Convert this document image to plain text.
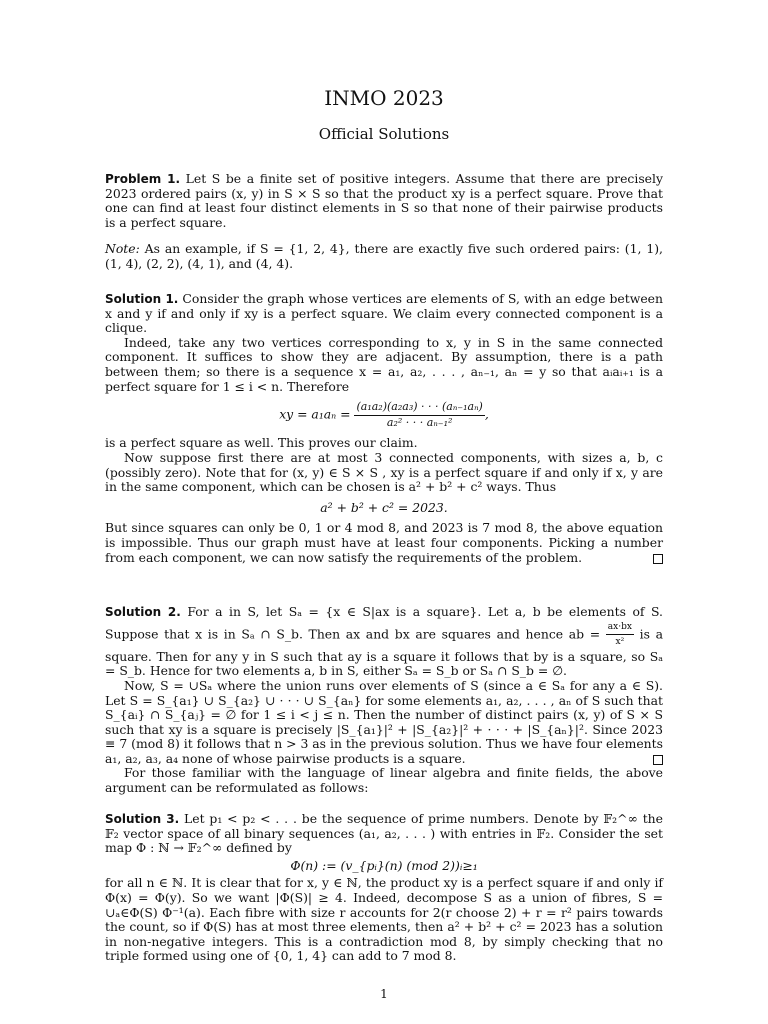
INMO 2023
Official Solutions

Problem 1. Let S be a finite set of positive integers. Assume that there are precisely 2023 ordered pairs (x, y) in S × S so that the product xy is a perfect square. Prove that one can find at least four distinct elements in S so that none of their pairwise products is a perfect square.

Note: As an example, if S = {1, 2, 4}, there are exactly five such ordered pairs: (1, 1), (1, 4), (2, 2), (4, 1), and (4, 4).

Solution 1. Consider the graph whose vertices are elements of S, with an edge between x and y if and only if xy is a perfect square. We claim every connected component is a clique.

Indeed, take any two vertices corresponding to x, y in S in the same connected component. It suffices to show they are adjacent. By assumption, there is a path between them; so there is a sequence x = a₁, a₂, . . . , aₙ₋₁, aₙ = y so that aᵢaᵢ₊₁ is a perfect square for 1 ≤ i < n. Therefore

xy = $a_1a_n = \frac{\text{(a₁a₂)(a₂a₃) · · · (aₙ₋₁aₙ)}}{\text{a₂² · · · aₙ₋₁²}}$ ,

is a perfect square as well. This proves our claim.

Now suppose first there are at most 3 connected components, with sizes a, b, c (possibly zero). Note that for (x, y) ∈ S × S , xy is a perfect square if and only if x, y are in the same component, which can be chosen is a² + b² + c² ways. Thus

a² + b² + c² = 2023.

But since squares can only be 0, 1 or 4 mod 8, and 2023 is 7 mod 8, the above equation is impossible. Thus our graph must have at least four components. Picking a number from each component, we can now satisfy the requirements of the problem.

Solution 2. For a in S, let Sₐ = {x ∈ S|ax is a square}. Let a, b be elements of S. Suppose that x is in Sₐ ∩ S_b. Then ax and bx are squares and hence ab = $\frac{ax\cdot bx}{\text{x²}}$ is a square. Then for any y in S such that ay is a square it follows that by is a square, so Sₐ = S_b. Hence for two elements a, b in S, either Sₐ = S_b or Sₐ ∩ S_b = ∅.

Now, S = ∪Sₐ where the union runs over elements of S (since a ∈ Sₐ for any a ∈ S). Let S = S_{a₁} ∪ S_{a₂} ∪ · · · ∪ S_{aₙ} for some elements a₁, a₂, . . . , aₙ of S such that S_{aᵢ} ∩ S_{aⱼ} = ∅ for 1 ≤ i < j ≤ n. Then the number of distinct pairs (x, y) of S × S such that xy is a square is precisely |S_{a₁}|² + |S_{a₂}|² + · · · + |S_{aₙ}|². Since 2023 ≡ 7 (mod 8) it follows that n > 3 as in the previous solution. Thus we have four elements a₁, a₂, a₃, a₄ none of whose pairwise products is a square.

For those familiar with the language of linear algebra and finite fields, the above argument can be reformulated as follows:

Solution 3. Let p₁ < p₂ < . . . be the sequence of prime numbers. Denote by 𝔽₂^∞ the 𝔽₂ vector space of all binary sequences (a₁, a₂, . . . ) with entries in 𝔽₂. Consider the set map Φ : ℕ → 𝔽₂^∞ defined by

Φ(n) := (v_{pᵢ}(n) (mod 2))ᵢ≥₁

for all n ∈ ℕ. It is clear that for x, y ∈ ℕ, the product xy is a perfect square if and only if Φ(x) = Φ(y). So we want |Φ(S)| ≥ 4. Indeed, decompose S as a union of fibres, S = ∪ₐ∈Φ(S) Φ⁻¹(a). Each fibre with size r accounts for 2(r choose 2) + r = r² pairs towards the count, so if Φ(S) has at most three elements, then a² + b² + c² = 2023 has a solution in non-negative integers. This is a contradiction mod 8, by simply checking that no triple formed using one of {0, 1, 4} can add to 7 mod 8.

1
